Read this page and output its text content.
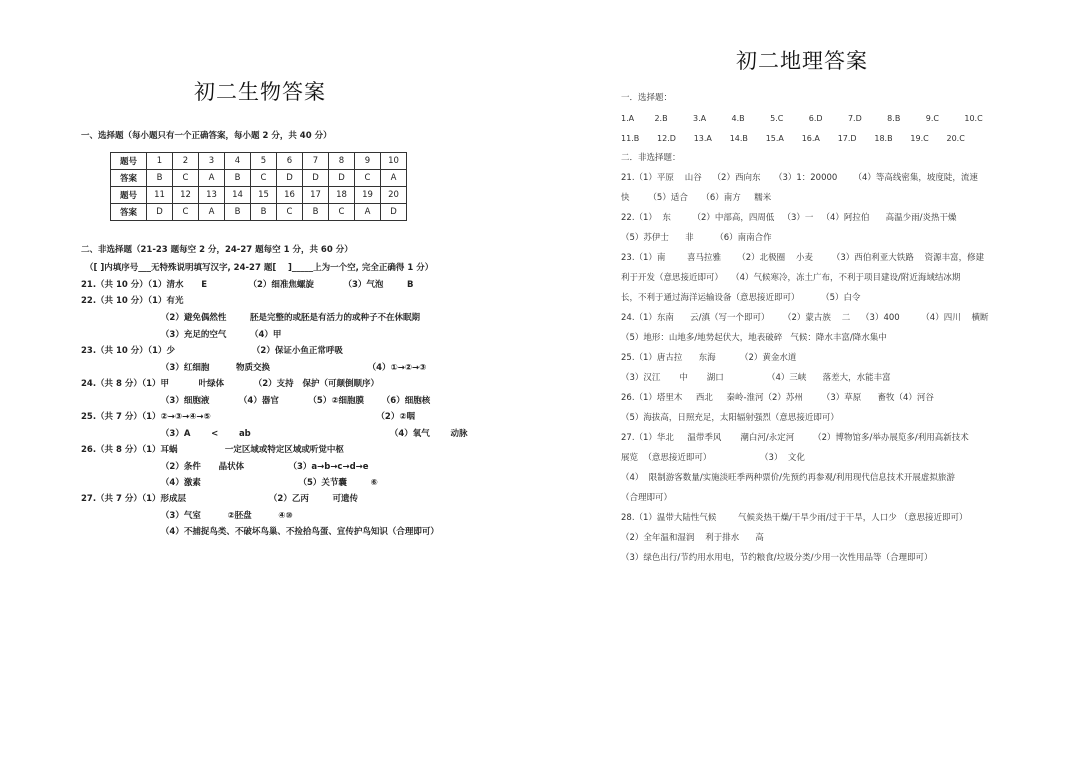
初二生物答案
一、选择题（每小题只有一个正确答案，每小题 2 分，共 40 分）
题号	1	2	3	4	5	6	7	8	9	10
答案	B	C	A	B	C	D	D	D	C	A
题号	11	12	13	14	15	16	17	18	19	20
答案	D	C	A	B	B	C	B	C	A	D
二、非选择题（21-23 题每空 2 分，24-27 题每空 1 分，共 60 分）
（[ ]内填序号___无特殊说明填写汉字, 24-27 题[    ]_____上为一个空, 完全正确得 1 分）
21.（共 10 分）（1）清水      E              （2）细准焦螺旋          （3）气泡        B
22.（共 10 分）（1）有光
（2）避免偶然性        胚是完整的或胚是有活力的或种子不在休眠期
（3）充足的空气        （4）甲
23.（共 10 分）（1）少                          （2）保证小鱼正常呼吸
（3）红细胞         物质交换                                 （4）①→②→③
24.（共 8 分）（1）甲          叶绿体          （2）支持   保护（可颠倒顺序）
（3）细胞液          （4）器官          （5）②细胞膜      （6）细胞核
25.（共 7 分）（1）②→③→④→⑤                                                        （2）②咽
（3）A       <       ab                                               （4）氧气       动脉
26.（共 8 分）（1）耳蜗                一定区域或特定区域或听觉中枢
（2）条件      晶状体               （3）a→b→c→d→e
（4）激素                                 （5）关节囊        ⑥
27.（共 7 分）（1）形成层                            （2）乙丙        可遗传
（3）气室         ②胚盘         ④⑩
（4）不捕捉鸟类、不破坏鸟巢、不捡拾鸟蛋、宣传护鸟知识（合理即可）
初二地理答案
一．选择题：
1.A        2.B          3.A          4.B          5.C          6.D          7.D          8.B          9.C          10.C
11.B       12.D       13.A       14.B       15.A       16.A       17.D       18.B       19.C       20.C
二．非选择题：
21.（1）平原    山谷    （2）西向东     （3）1：20000      （4）等高线密集，坡度陡，流速
快       （5）适合     （6）南方     糯米
22.（1）  东        （2）中部高，四周低   （3）一   （4）阿拉伯      高温少雨/炎热干燥
（5）苏伊士      非        （6）南南合作
23.（1）南        喜马拉雅      （2）北极圈    小麦       （3）西伯利亚大铁路    资源丰富，修建
利于开发（意思接近即可）   （4）气候寒冷，冻土广布，不利于项目建设/附近海域结冰期
长，不利于通过海洋运输设备（意思接近即可）        （5）白令
24.（1）东南      云/滇（写一个即可）     （2）蒙古族    二    （3）400        （4）四川    横断
（5）地形：山地多/地势起伏大，地表破碎   气候：降水丰富/降水集中
25.（1）唐古拉      东海         （2）黄金水道
（3）汉江       中       湖口                （4）三峡      落差大，水能丰富
26.（1）塔里木     西北     秦岭-淮河（2）苏州       （3）草原      畜牧（4）河谷
（5）海拔高，日照充足，太阳辐射强烈（意思接近即可）
27.（1）华北     温带季风       潮白河/永定河       （2）博物馆多/举办展览多/利用高新技术
展览  （意思接近即可）                  （3）  文化
（4）  限制游客数量/实施淡旺季两种票价/先预约再参观/利用现代信息技术开展虚拟旅游
（合理即可）
28.（1）温带大陆性气候        气候炎热干燥/干旱少雨/过于干旱，人口少 （意思接近即可）
（2）全年温和湿润    利于排水      高
（3）绿色出行/节约用水用电，节约粮食/垃圾分类/少用一次性用品等（合理即可）
